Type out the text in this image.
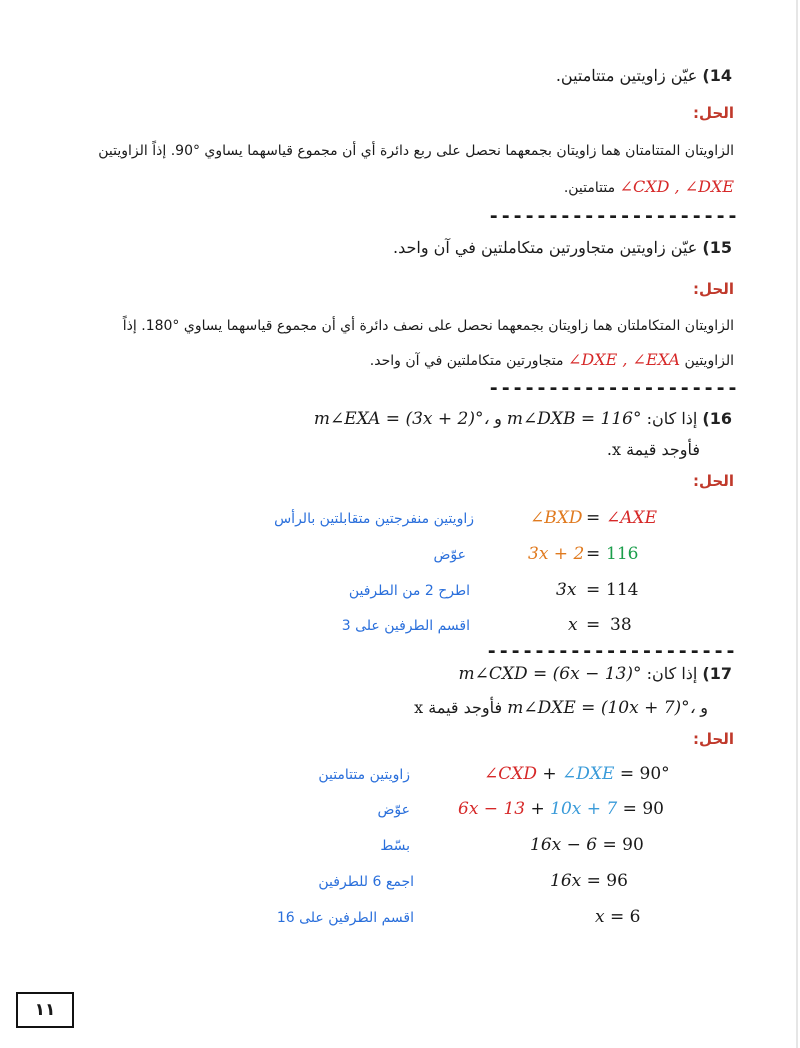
14) عيّن زاويتين متتامتين.
الحل:
الزاويتان المتتامتان هما زاويتان بجمعهما نحصل على ربع دائرة أي أن مجموع قياسهما يساوي °90. إذاً الزاويتين
∠CXD , ∠DXE متتامتين.
---------------------
15) عيّن زاويتين متجاورتين متكاملتين في آن واحد.
الحل:
الزاويتان المتكاملتان هما زاويتان بجمعهما نحصل على نصف دائرة أي أن مجموع قياسهما يساوي °180. إذاً
الزاويتين ∠DXE , ∠EXA متجاورتين متكاملتين في آن واحد.
---------------------
16) إذا كان: m∠DXB = 116° و m∠EXA = (3x + 2)°،
فأوجد قيمة x.
الحل:
∠BXD = ∠AXE
زاويتين منفرجتين متقابلتين بالرأس
3x + 2 = 116
عوّض
3x = 114
اطرح 2 من الطرفين
x = 38
اقسم الطرفين على 3
---------------------
17) إذا كان: m∠CXD = (6x − 13)°
و m∠DXE = (10x + 7)°، فأوجد قيمة x
الحل:
∠CXD + ∠DXE = 90°
زاويتين متتامتين
6x − 13 + 10x + 7 = 90
عوّض
16x − 6 = 90
بسّط
16x = 96
اجمع 6 للطرفين
x = 6
اقسم الطرفين على 16
١١
